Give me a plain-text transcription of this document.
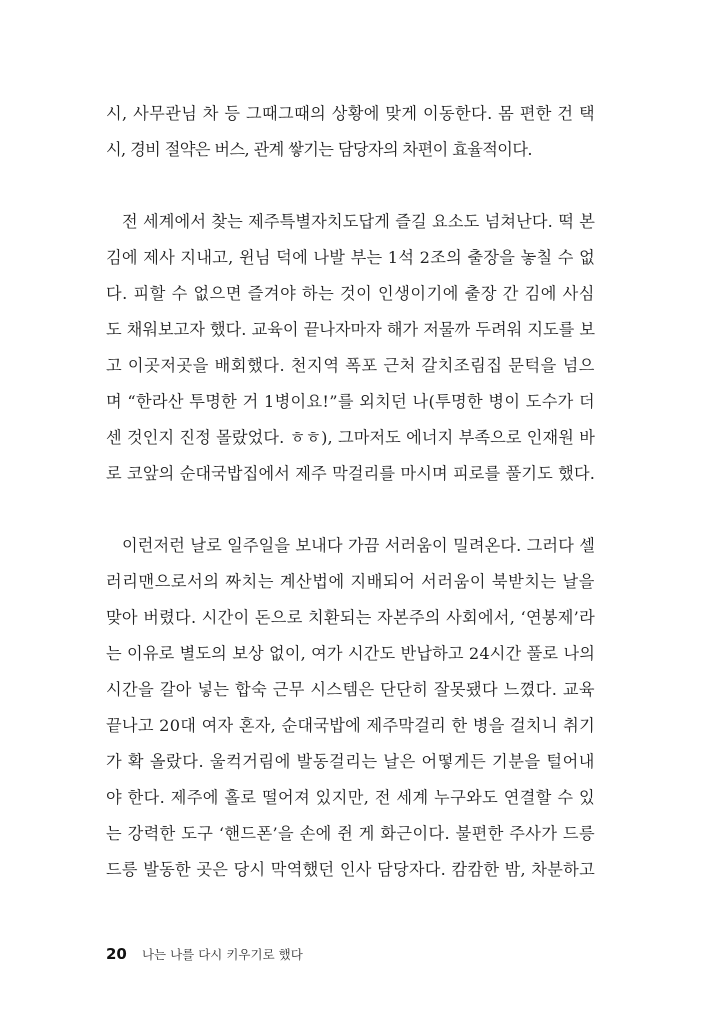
시, 사무관님 차 등 그때그때의 상황에 맞게 이동한다. 몸 편한 건 택
시, 경비 절약은 버스, 관계 쌓기는 담당자의 차편이 효율적이다.
전 세계에서 찾는 제주특별자치도답게 즐길 요소도 넘쳐난다. 떡 본
김에 제사 지내고, 윈님 덕에 나발 부는 1석 2조의 출장을 놓칠 수 없
다. 피할 수 없으면 즐겨야 하는 것이 인생이기에 출장 간 김에 사심
도 채워보고자 했다. 교육이 끝나자마자 해가 저물까 두려워 지도를 보
고 이곳저곳을 배회했다. 천지역 폭포 근처 갈치조림집 문턱을 넘으
며 “한라산 투명한 거 1병이요!”를 외치던 나(투명한 병이 도수가 더
센 것인지 진정 몰랐었다. ㅎㅎ), 그마저도 에너지 부족으로 인재원 바
로 코앞의 순대국밥집에서 제주 막걸리를 마시며 피로를 풀기도 했다.
이런저런 날로 일주일을 보내다 가끔 서러움이 밀려온다. 그러다 셀
러리맨으로서의 짜치는 계산법에 지배되어 서러움이 북받치는 날을
맞아 버렸다. 시간이 돈으로 치환되는 자본주의 사회에서, ‘연봉제’라
는 이유로 별도의 보상 없이, 여가 시간도 반납하고 24시간 풀로 나의
시간을 갈아 넣는 합숙 근무 시스템은 단단히 잘못됐다 느꼈다. 교육
끝나고 20대 여자 혼자, 순대국밥에 제주막걸리 한 병을 걸치니 취기
가 확 올랐다. 울컥거림에 발동걸리는 날은 어떻게든 기분을 털어내
야 한다. 제주에 홀로 떨어져 있지만, 전 세계 누구와도 연결할 수 있
는 강력한 도구 ‘핸드폰’을 손에 쥔 게 화근이다. 불편한 주사가 드릉
드릉 발동한 곳은 당시 막역했던 인사 담당자다. 캄캄한 밤, 차분하고
20 나는 나를 다시 키우기로 했다
